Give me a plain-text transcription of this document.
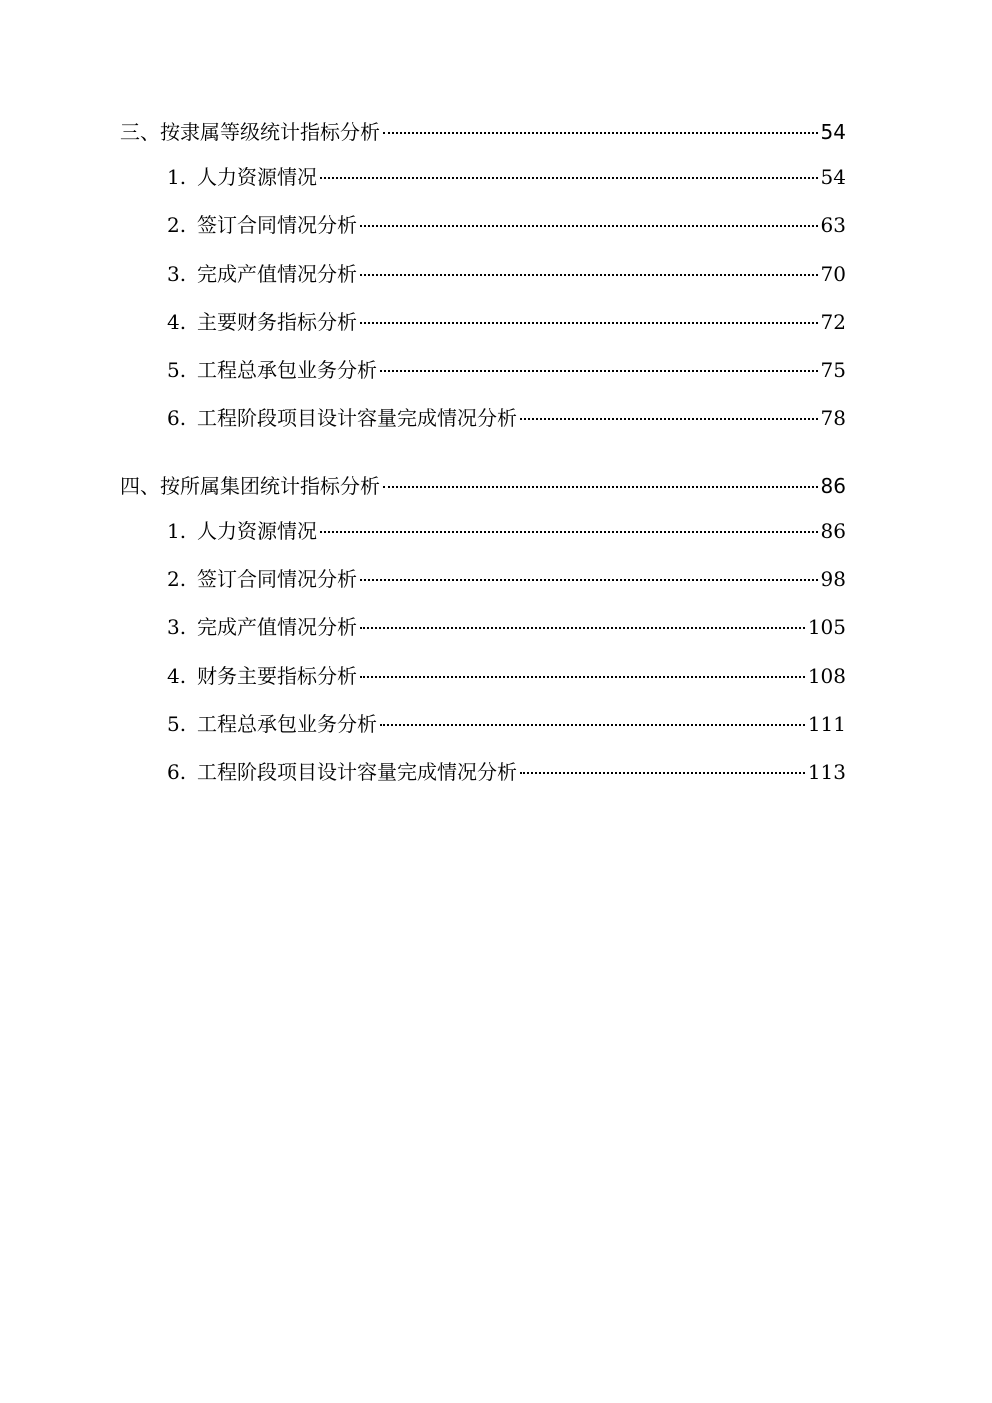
三、按隶属等级统计指标分析	54
1. 人力资源情况	54
2. 签订合同情况分析	63
3. 完成产值情况分析	70
4. 主要财务指标分析	72
5. 工程总承包业务分析	75
6. 工程阶段项目设计容量完成情况分析	78
四、按所属集团统计指标分析	86
1. 人力资源情况	86
2. 签订合同情况分析	98
3. 完成产值情况分析	105
4. 财务主要指标分析	108
5. 工程总承包业务分析	111
6. 工程阶段项目设计容量完成情况分析	113
